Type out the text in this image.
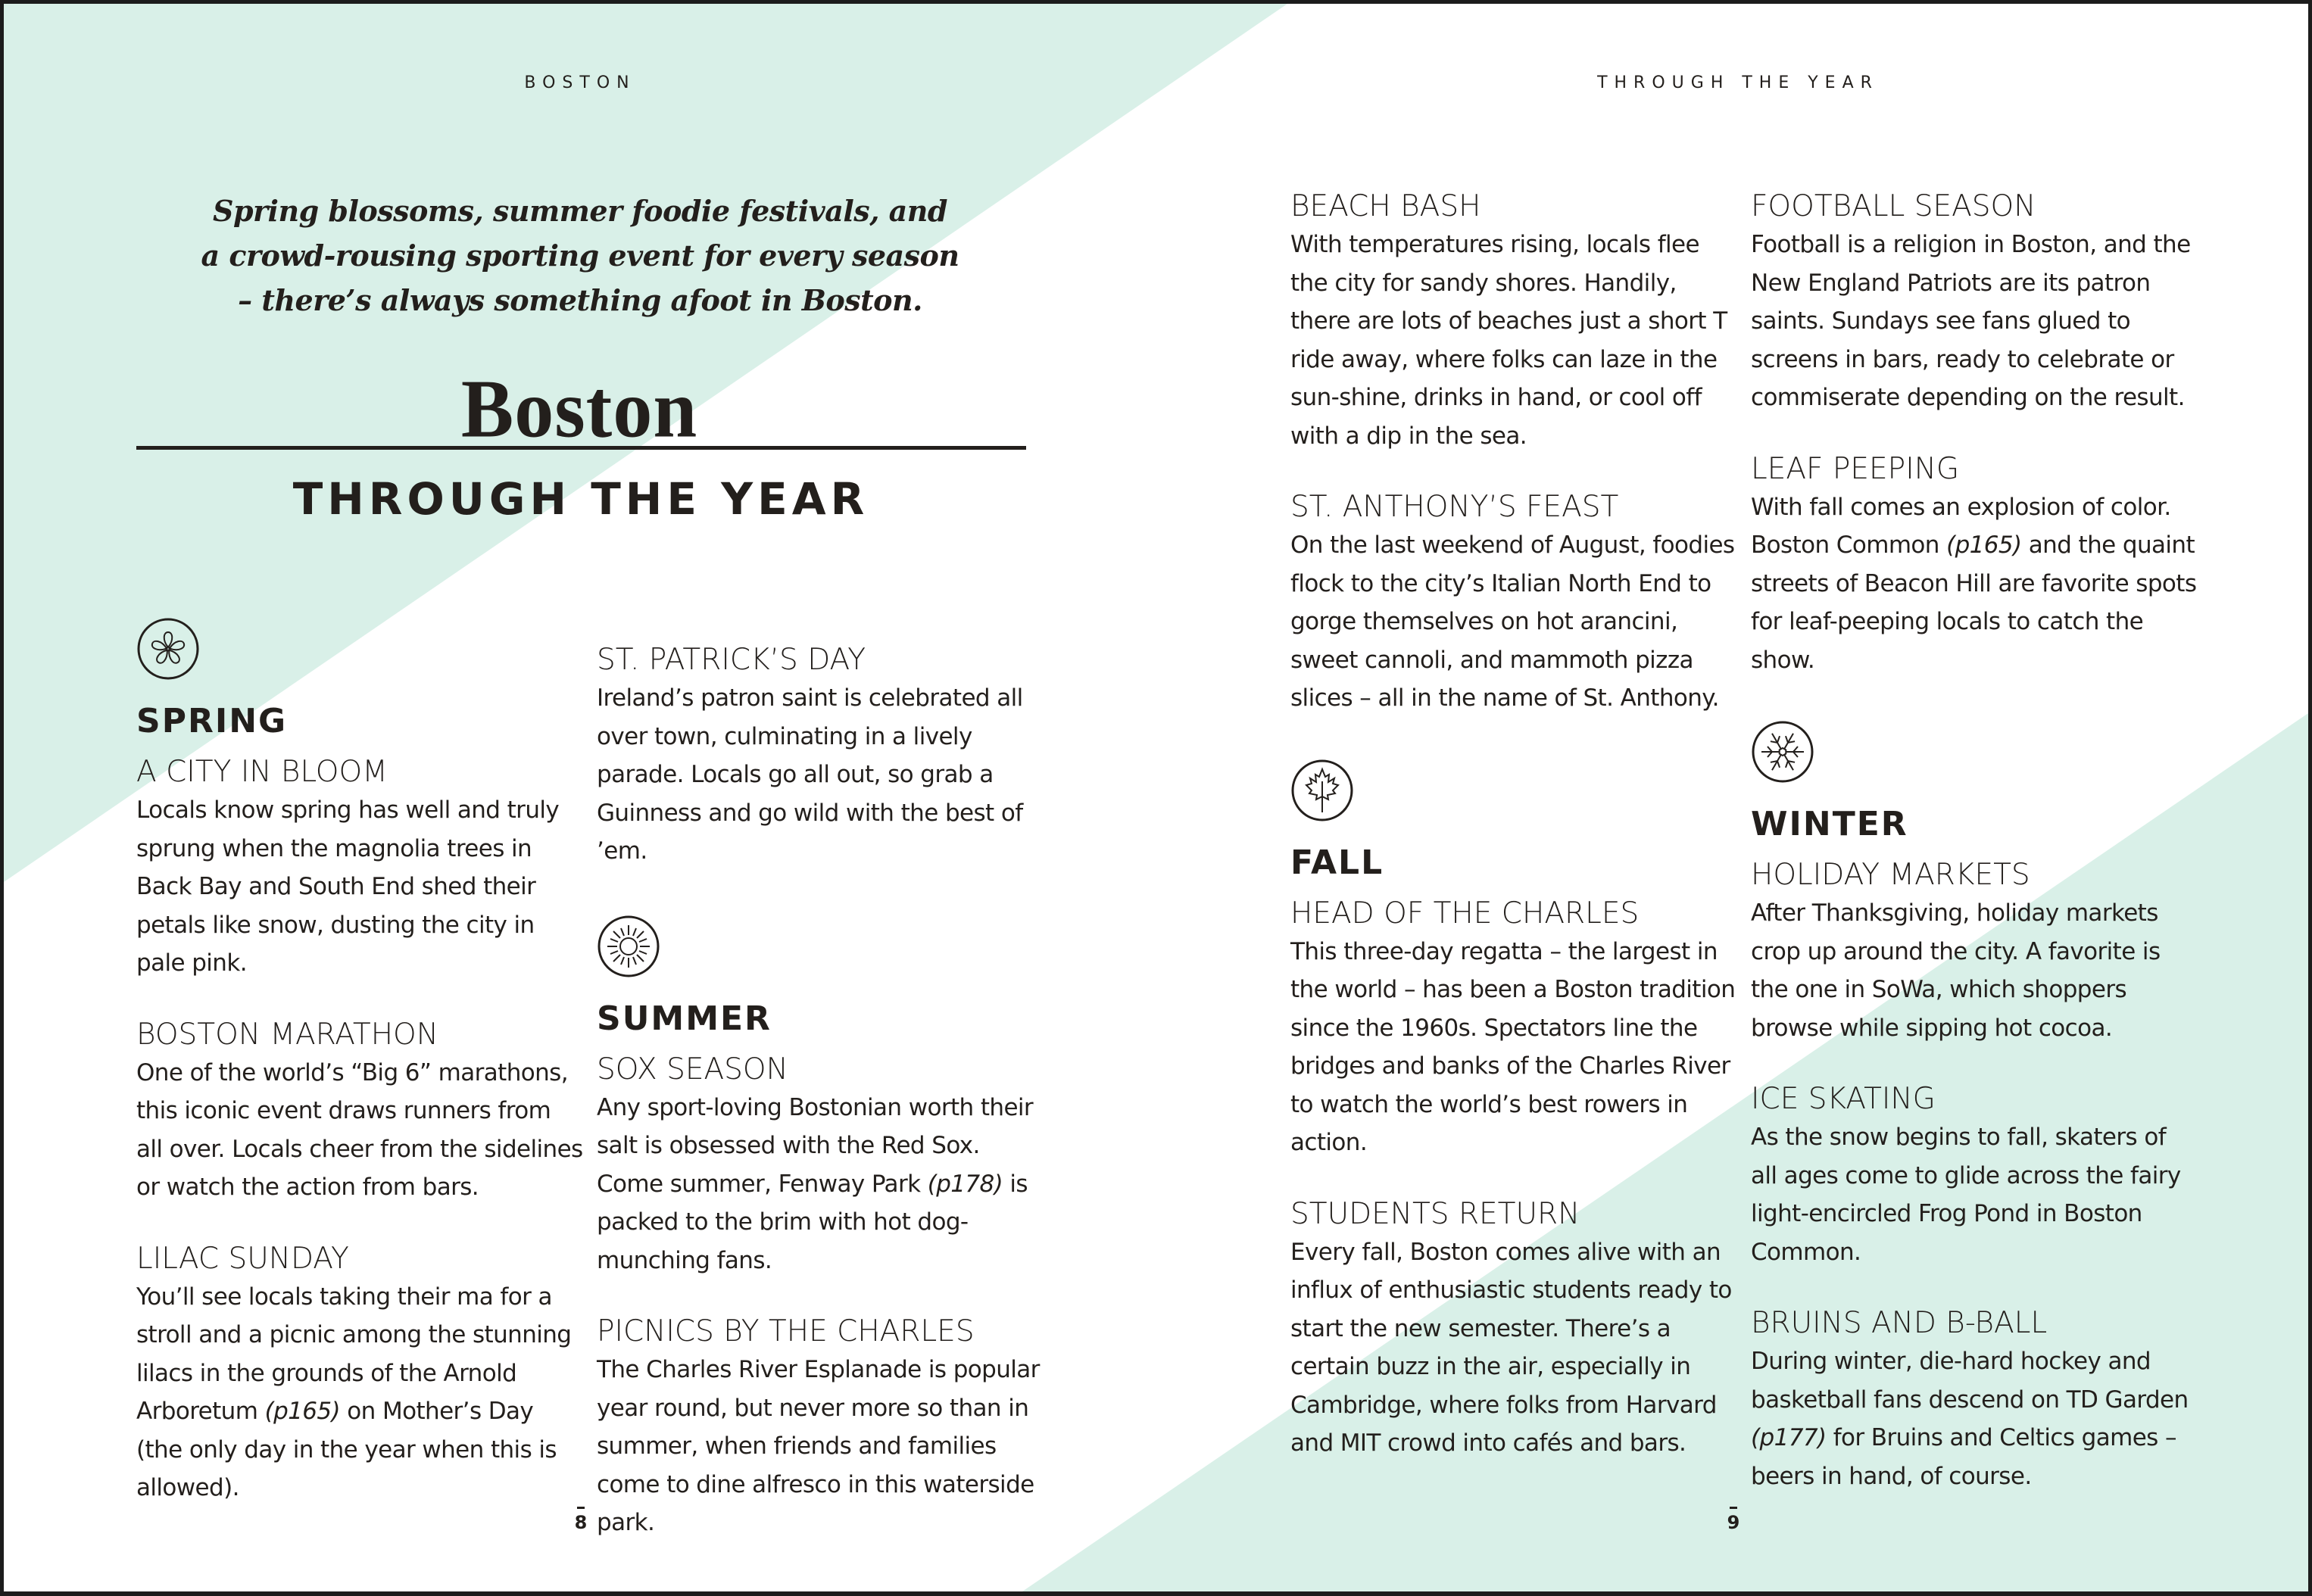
BOSTON
Spring blossoms, summer foodie festivals, and
a crowd-rousing sporting event for every season
– there’s always something afoot in Boston.
Boston
THROUGH THE YEAR
SPRING
A CITY IN BLOOM
Locals know spring has well and truly sprung when the magnolia trees in Back Bay and South End shed their petals like snow, dusting the city in pale pink.
BOSTON MARATHON
One of the world’s “Big 6” marathons, this iconic event draws runners from all over. Locals cheer from the sidelines or watch the action from bars.
LILAC SUNDAY
You’ll see locals taking their ma for a stroll and a picnic among the stunning lilacs in the grounds of the Arnold Arboretum (p165) on Mother’s Day (the only day in the year when this is allowed).
ST. PATRICK’S DAY
Ireland’s patron saint is celebrated all over town, culminating in a lively parade. Locals go all out, so grab a Guinness and go wild with the best of ’em.
SUMMER
SOX SEASON
Any sport-loving Bostonian worth their salt is obsessed with the Red Sox. Come summer, Fenway Park (p178) is packed to the brim with hot dog-munching fans.
PICNICS BY THE CHARLES
The Charles River Esplanade is popular year round, but never more so than in summer, when friends and families come to dine alfresco in this waterside park.
8
THROUGH THE YEAR
BEACH BASH
With temperatures rising, locals flee the city for sandy shores. Handily, there are lots of beaches just a short T ride away, where folks can laze in the sun-shine, drinks in hand, or cool off with a dip in the sea.
ST. ANTHONY’S FEAST
On the last weekend of August, foodies flock to the city’s Italian North End to gorge themselves on hot arancini, sweet cannoli, and mammoth pizza slices – all in the name of St. Anthony.
FALL
HEAD OF THE CHARLES
This three-day regatta – the largest in the world – has been a Boston tradition since the 1960s. Spectators line the bridges and banks of the Charles River to watch the world’s best rowers in action.
STUDENTS RETURN
Every fall, Boston comes alive with an influx of enthusiastic students ready to start the new semester. There’s a certain buzz in the air, especially in Cambridge, where folks from Harvard and MIT crowd into cafés and bars.
FOOTBALL SEASON
Football is a religion in Boston, and the New England Patriots are its patron saints. Sundays see fans glued to screens in bars, ready to celebrate or commiserate depending on the result.
LEAF PEEPING
With fall comes an explosion of color. Boston Common (p165) and the quaint streets of Beacon Hill are favorite spots for leaf-peeping locals to catch the show.
WINTER
HOLIDAY MARKETS
After Thanksgiving, holiday markets crop up around the city. A favorite is the one in SoWa, which shoppers browse while sipping hot cocoa.
ICE SKATING
As the snow begins to fall, skaters of all ages come to glide across the fairy light-encircled Frog Pond in Boston Common.
BRUINS AND B-BALL
During winter, die-hard hockey and basketball fans descend on TD Garden (p177) for Bruins and Celtics games – beers in hand, of course.
9
